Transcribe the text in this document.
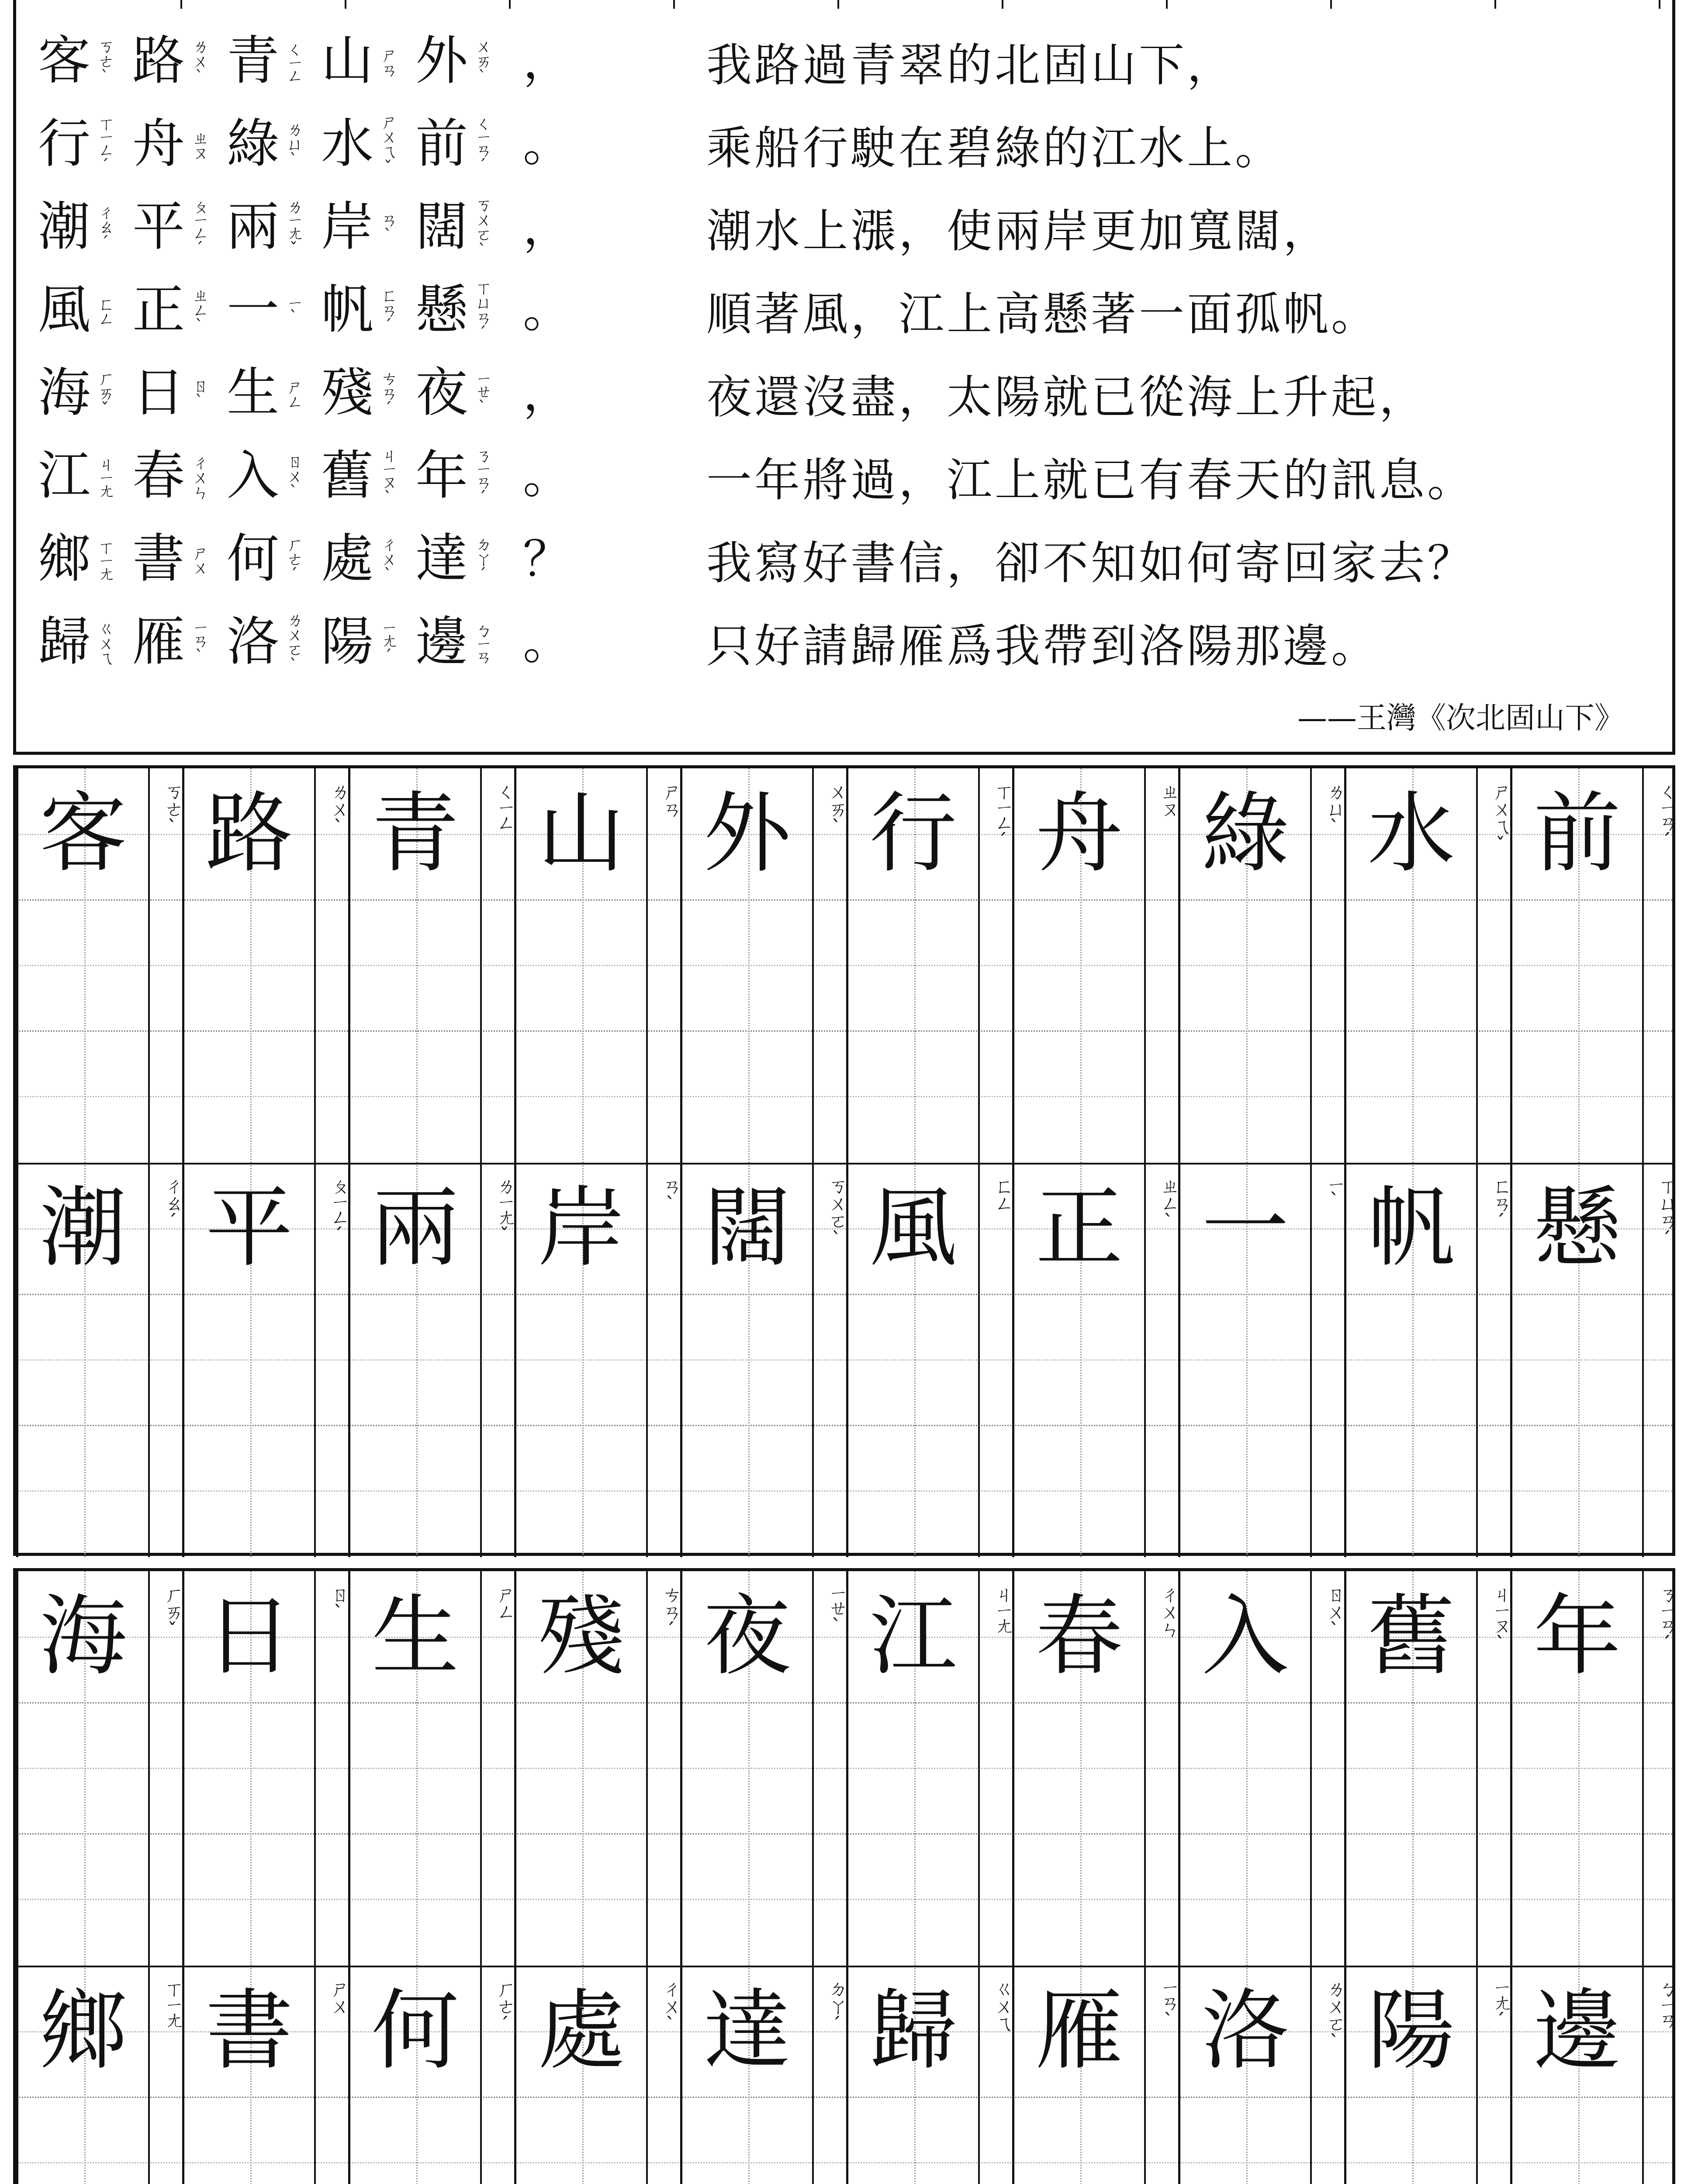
客 ㄎㄜˋ 路 ㄌㄨˋ 青 ㄑㄧㄥ 山 ㄕㄢ 外 ㄨㄞˋ ，	我路過青翠的北固山下，
行 ㄒㄧㄥˊ 舟 ㄓㄡ 綠 ㄌㄩˋ 水 ㄕㄨㄟˇ 前 ㄑㄧㄢˊ 。	乘船行駛在碧綠的江水上。
潮 ㄔㄠˊ 平 ㄆㄧㄥˊ 兩 ㄌㄧㄤˇ 岸 ㄢˋ 闊 ㄎㄨㄛˋ ，	潮水上漲，使兩岸更加寬闊，
風 ㄈㄥ 正 ㄓㄥˋ 一 ㄧˋ 帆 ㄈㄢˊ 懸 ㄒㄩㄢˊ 。	順著風，江上高懸著一面孤帆。
海 ㄏㄞˇ 日 ㄖˋ 生 ㄕㄥ 殘 ㄘㄢˊ 夜 ㄧㄝˋ ，	夜還沒盡，太陽就已從海上升起，
江 ㄐㄧㄤ 春 ㄔㄨㄣ 入 ㄖㄨˋ 舊 ㄐㄧㄡˋ 年 ㄋㄧㄢˊ 。	一年將過，江上就已有春天的訊息。
鄉 ㄒㄧㄤ 書 ㄕㄨ 何 ㄏㄜˊ 處 ㄔㄨˋ 達 ㄉㄚˊ ？	我寫好書信，卻不知如何寄回家去？
歸 ㄍㄨㄟ 雁 ㄧㄢˋ 洛 ㄌㄨㄛˋ 陽 ㄧㄤˊ 邊 ㄅㄧㄢ 。	只好請歸雁爲我帶到洛陽那邊。
——王灣《次北固山下》
客	ㄎㄜˋ 路	ㄌㄨˋ 青	ㄑㄧㄥ 山	ㄕㄢ 外	ㄨㄞˋ 行	ㄒㄧㄥˊ 舟	ㄓㄡ 綠	ㄌㄩˋ 水	ㄕㄨㄟˇ 前	ㄑㄧㄢˊ
潮	ㄔㄠˊ 平	ㄆㄧㄥˊ 兩	ㄌㄧㄤˇ 岸	ㄢˋ 闊	ㄎㄨㄛˋ 風	ㄈㄥ 正	ㄓㄥˋ 一	ㄧˋ 帆	ㄈㄢˊ 懸	ㄒㄩㄢˊ
海	ㄏㄞˇ 日	ㄖˋ 生	ㄕㄥ 殘	ㄘㄢˊ 夜	ㄧㄝˋ 江	ㄐㄧㄤ 春	ㄔㄨㄣ 入	ㄖㄨˋ 舊	ㄐㄧㄡˋ 年	ㄋㄧㄢˊ
鄉	ㄒㄧㄤ 書	ㄕㄨ 何	ㄏㄜˊ 處	ㄔㄨˋ 達	ㄉㄚˊ 歸	ㄍㄨㄟ 雁	ㄧㄢˋ 洛	ㄌㄨㄛˋ 陽	ㄧㄤˊ 邊	ㄅㄧㄢ
